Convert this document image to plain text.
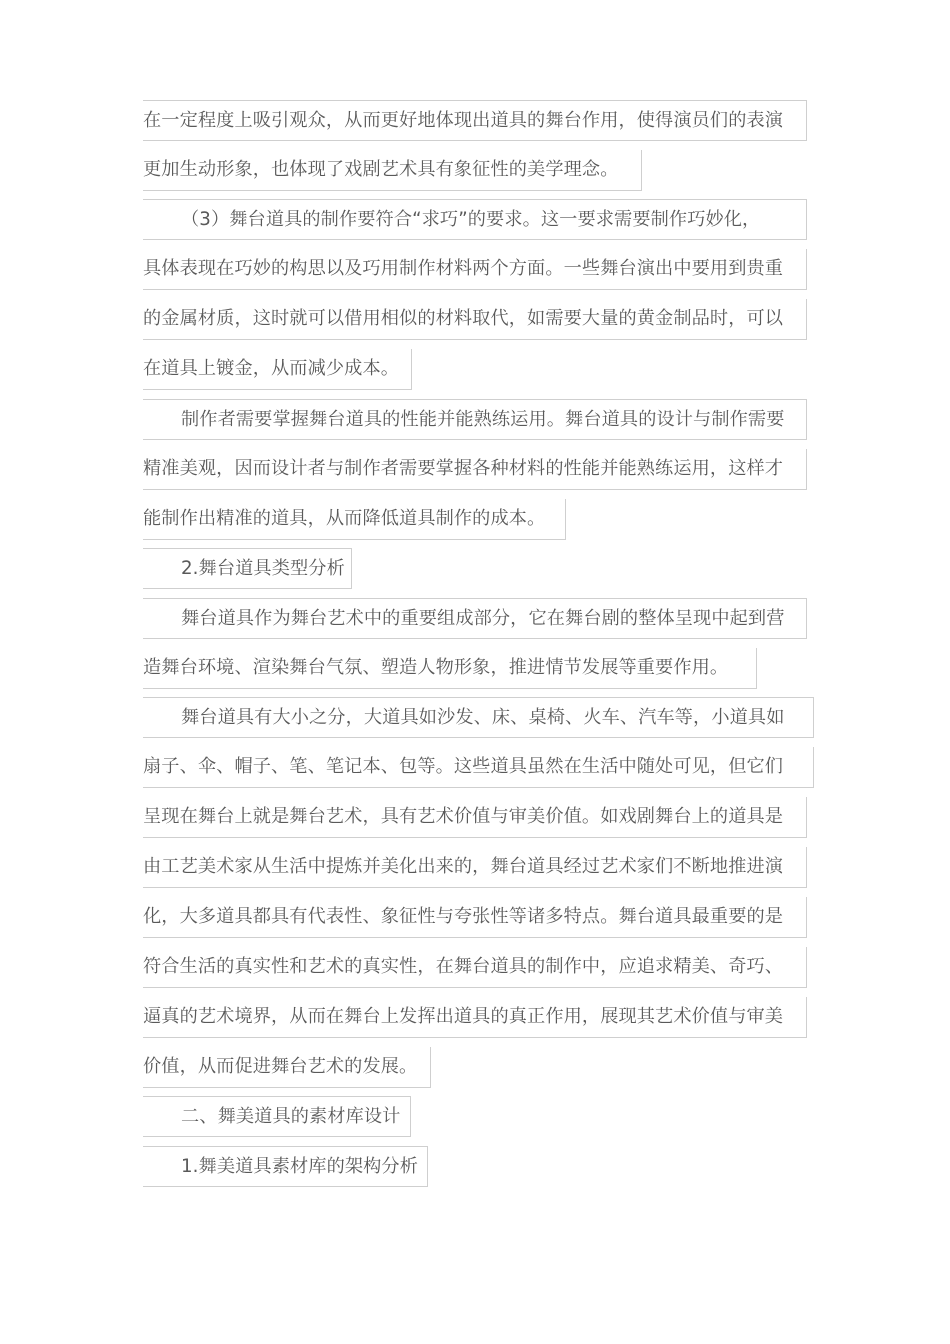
在一定程度上吸引观众，从而更好地体现出道具的舞台作用，使得演员们的表演
更加生动形象，也体现了戏剧艺术具有象征性的美学理念。
（3）舞台道具的制作要符合“求巧”的要求。这一要求需要制作巧妙化，
具体表现在巧妙的构思以及巧用制作材料两个方面。一些舞台演出中要用到贵重
的金属材质，这时就可以借用相似的材料取代，如需要大量的黄金制品时，可以
在道具上镀金，从而减少成本。
制作者需要掌握舞台道具的性能并能熟练运用。舞台道具的设计与制作需要
精准美观，因而设计者与制作者需要掌握各种材料的性能并能熟练运用，这样才
能制作出精准的道具，从而降低道具制作的成本。
2.舞台道具类型分析
舞台道具作为舞台艺术中的重要组成部分，它在舞台剧的整体呈现中起到营
造舞台环境、渲染舞台气氛、塑造人物形象，推进情节发展等重要作用。
舞台道具有大小之分，大道具如沙发、床、桌椅、火车、汽车等，小道具如
扇子、伞、帽子、笔、笔记本、包等。这些道具虽然在生活中随处可见，但它们
呈现在舞台上就是舞台艺术，具有艺术价值与审美价值。如戏剧舞台上的道具是
由工艺美术家从生活中提炼并美化出来的，舞台道具经过艺术家们不断地推进演
化，大多道具都具有代表性、象征性与夸张性等诸多特点。舞台道具最重要的是
符合生活的真实性和艺术的真实性，在舞台道具的制作中，应追求精美、奇巧、
逼真的艺术境界，从而在舞台上发挥出道具的真正作用，展现其艺术价值与审美
价值，从而促进舞台艺术的发展。
二、舞美道具的素材库设计
1.舞美道具素材库的架构分析
